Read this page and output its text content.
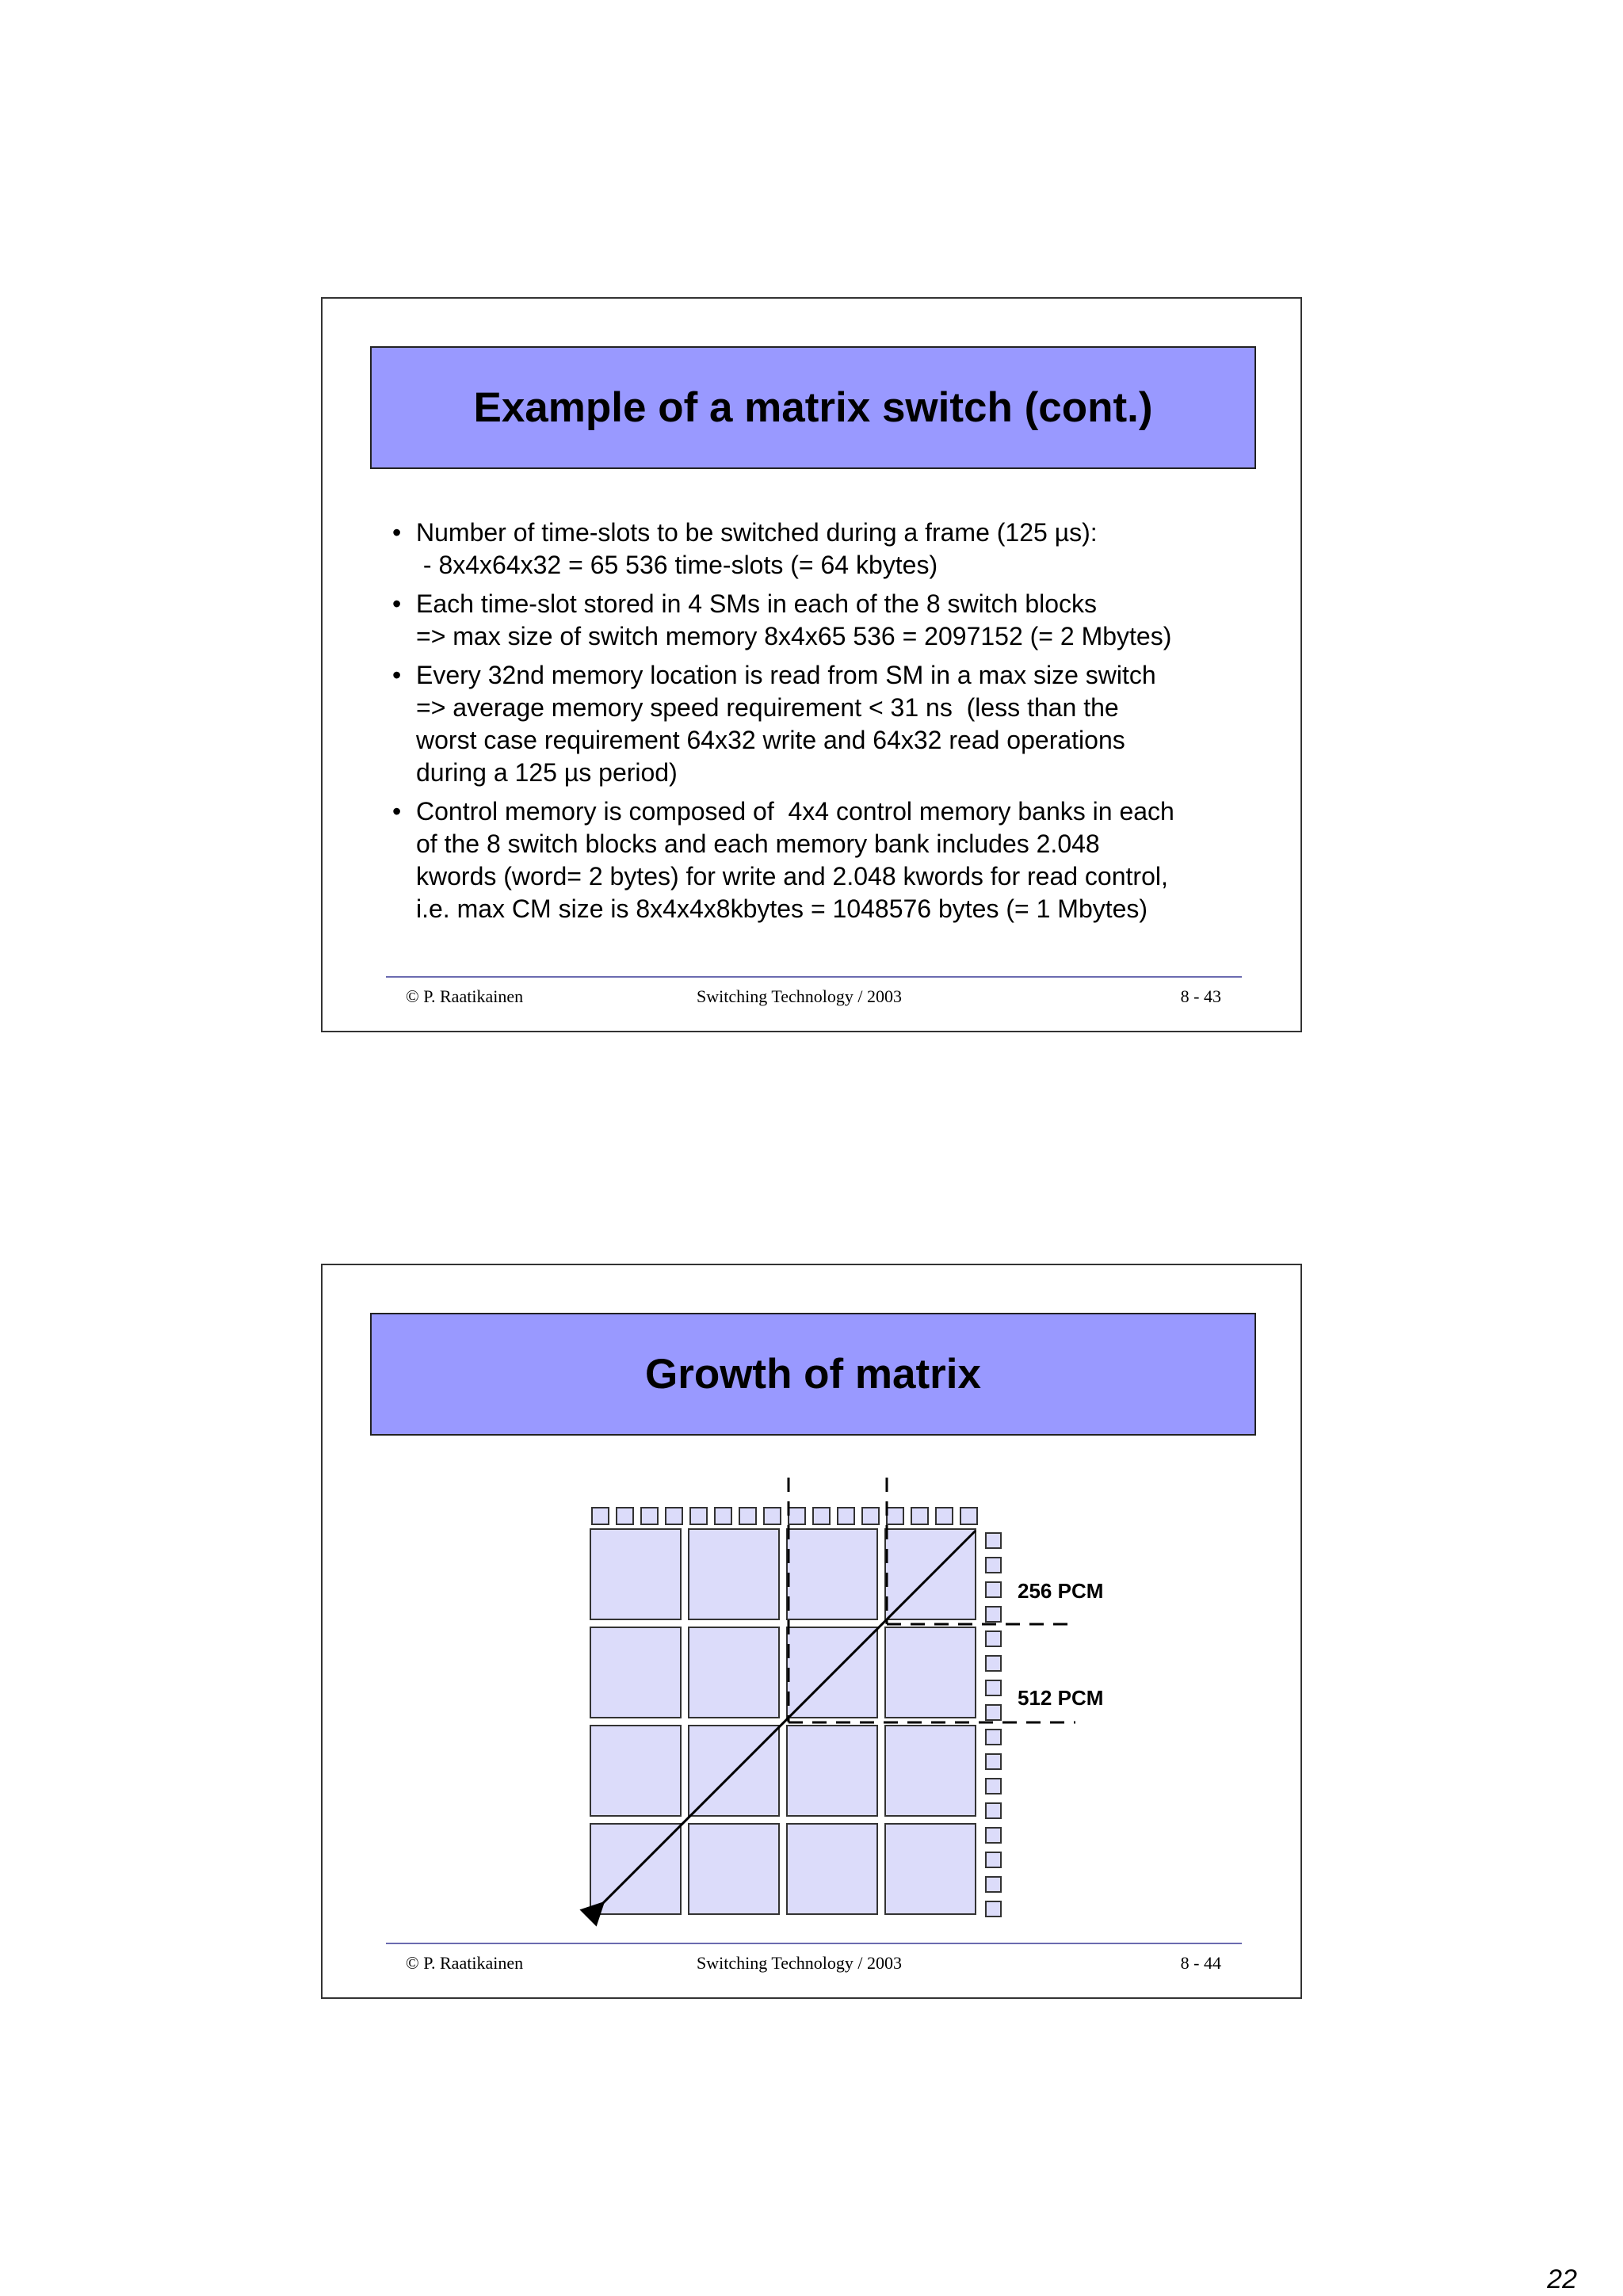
Example of a matrix switch (cont.)
• Number of time-slots to be switched during a frame (125 µs):
- 8x4x64x32 = 65 536 time-slots (= 64 kbytes)
• Each time-slot stored in 4 SMs in each of the 8 switch blocks
=> max size of switch memory 8x4x65 536 = 2097152 (= 2 Mbytes)
• Every 32nd memory location is read from SM in a max size switch
=> average memory speed requirement < 31 ns  (less than the
worst case requirement 64x32 write and 64x32 read operations
during a 125 µs period)
• Control memory is composed of  4x4 control memory banks in each
of the 8 switch blocks and each memory bank includes 2.048
kwords (word= 2 bytes) for write and 2.048 kwords for read control,
i.e. max CM size is 8x4x4x8kbytes = 1048576 bytes (= 1 Mbytes)
© P. Raatikainen	Switching Technology / 2003	8 - 43
Growth of matrix
256 PCM
512 PCM
© P. Raatikainen	Switching Technology / 2003	8 - 44
22
